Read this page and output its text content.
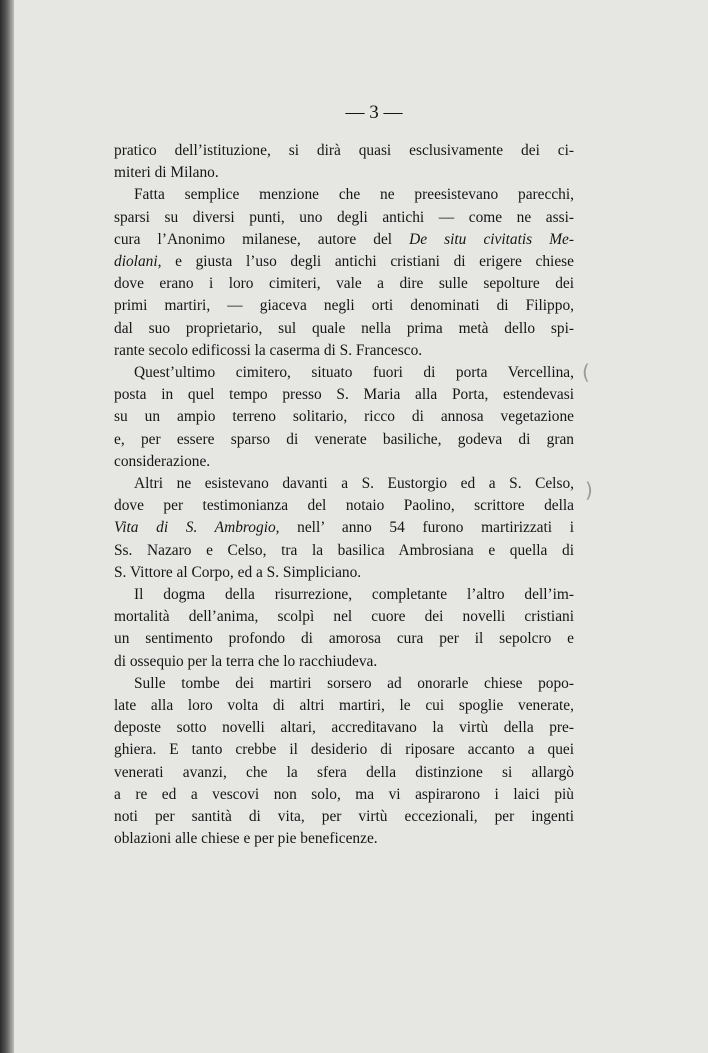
— 3 —

pratico dell’istituzione, si dirà quasi esclusivamente dei ci-
miteri di Milano.

Fatta semplice menzione che ne preesistevano parecchi,
sparsi su diversi punti, uno degli antichi — come ne assi-
cura l’Anonimo milanese, autore del De situ civitatis Me-
diolani, e giusta l’uso degli antichi cristiani di erigere chiese
dove erano i loro cimiteri, vale a dire sulle sepolture dei
primi martiri, — giaceva negli orti denominati di Filippo,
dal suo proprietario, sul quale nella prima metà dello spi-
rante secolo edificossi la caserma di S. Francesco.

Quest’ultimo cimitero, situato fuori di porta Vercellina,
posta in quel tempo presso S. Maria alla Porta, estendevasi
su un ampio terreno solitario, ricco di annosa vegetazione
e, per essere sparso di venerate basiliche, godeva di gran
considerazione.

Altri ne esistevano davanti a S. Eustorgio ed a S. Celso,
dove per testimonianza del notaio Paolino, scrittore della
Vita di S. Ambrogio, nell’ anno 54 furono martirizzati i
Ss. Nazaro e Celso, tra la basilica Ambrosiana e quella di
S. Vittore al Corpo, ed a S. Simpliciano.

Il dogma della risurrezione, completante l’altro dell’im-
mortalità dell’anima, scolpì nel cuore dei novelli cristiani
un sentimento profondo di amorosa cura per il sepolcro e
di ossequio per la terra che lo racchiudeva.

Sulle tombe dei martiri sorsero ad onorarle chiese popo-
late alla loro volta di altri martiri, le cui spoglie venerate,
deposte sotto novelli altari, accreditavano la virtù della pre-
ghiera. E tanto crebbe il desiderio di riposare accanto a quei
venerati avanzi, che la sfera della distinzione si allargò
a re ed a vescovi non solo, ma vi aspirarono i laici più
noti per santità di vita, per virtù eccezionali, per ingenti
oblazioni alle chiese e per pie beneficenze.

(
)
